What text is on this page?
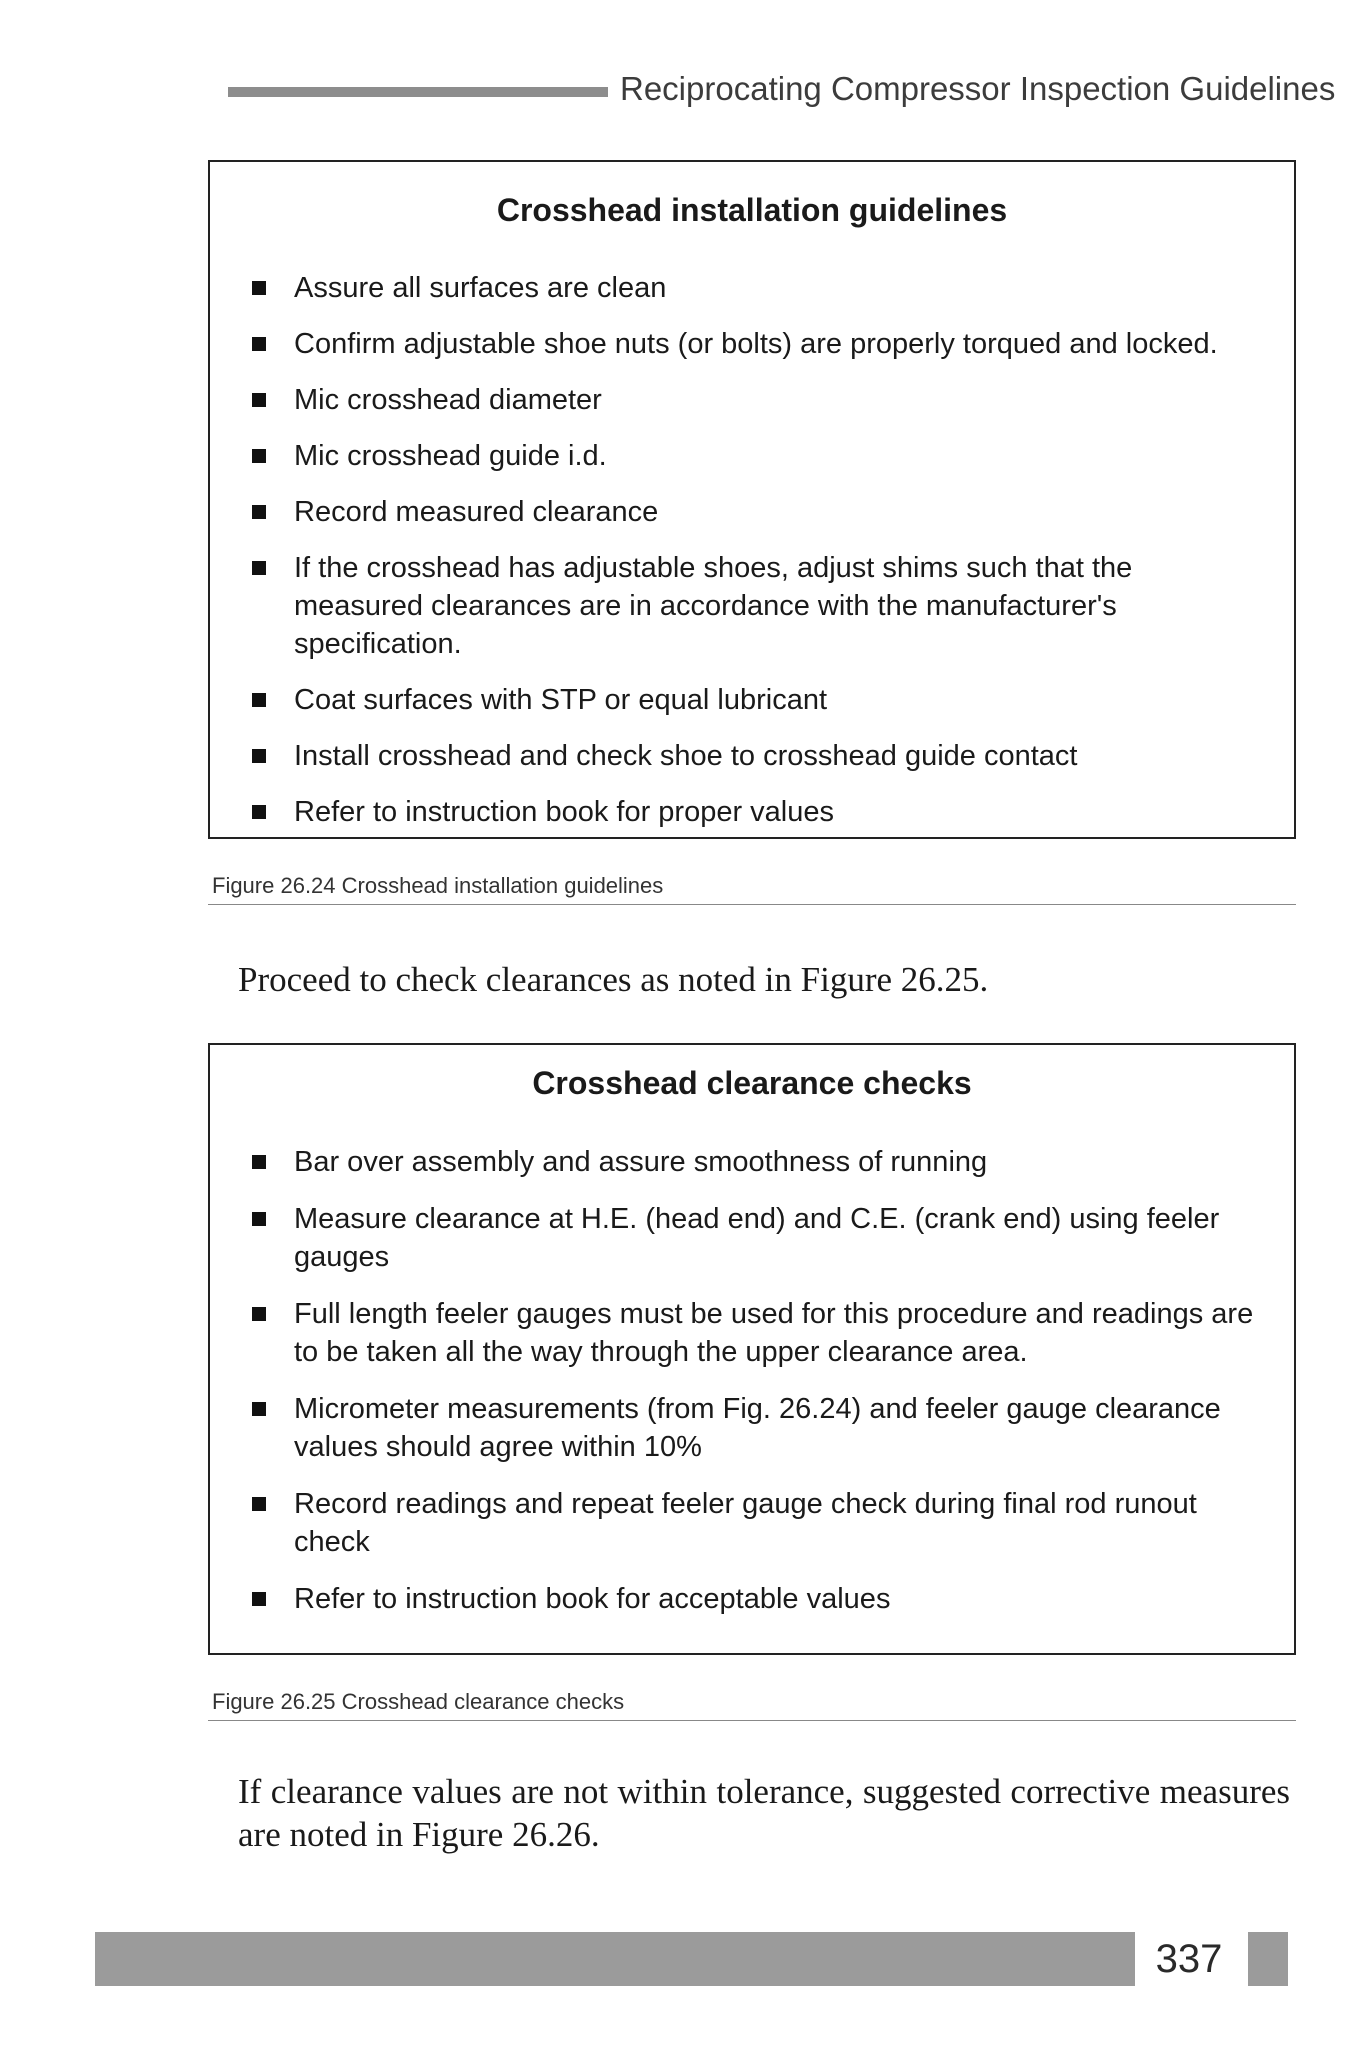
Reciprocating Compressor Inspection Guidelines
Crosshead installation guidelines
Assure all surfaces are clean
Confirm adjustable shoe nuts (or bolts) are properly torqued and locked.
Mic crosshead diameter
Mic crosshead guide i.d.
Record measured clearance
If the crosshead has adjustable shoes, adjust shims such that the measured clearances are in accordance with the manufacturer's specification.
Coat surfaces with STP or equal lubricant
Install crosshead and check shoe to crosshead guide contact
Refer to instruction book for proper values
Figure 26.24 Crosshead installation guidelines
Proceed to check clearances as noted in Figure 26.25.
Crosshead clearance checks
Bar over assembly and assure smoothness of running
Measure clearance at H.E. (head end) and C.E. (crank end) using feeler gauges
Full length feeler gauges must be used for this procedure and readings are to be taken all the way through the upper clearance area.
Micrometer measurements (from Fig. 26.24) and feeler gauge clearance values should agree within 10%
Record readings and repeat feeler gauge check during final rod runout check
Refer to instruction book for acceptable values
Figure 26.25 Crosshead clearance checks
If clearance values are not within tolerance, suggested corrective measures are noted in Figure 26.26.
337
